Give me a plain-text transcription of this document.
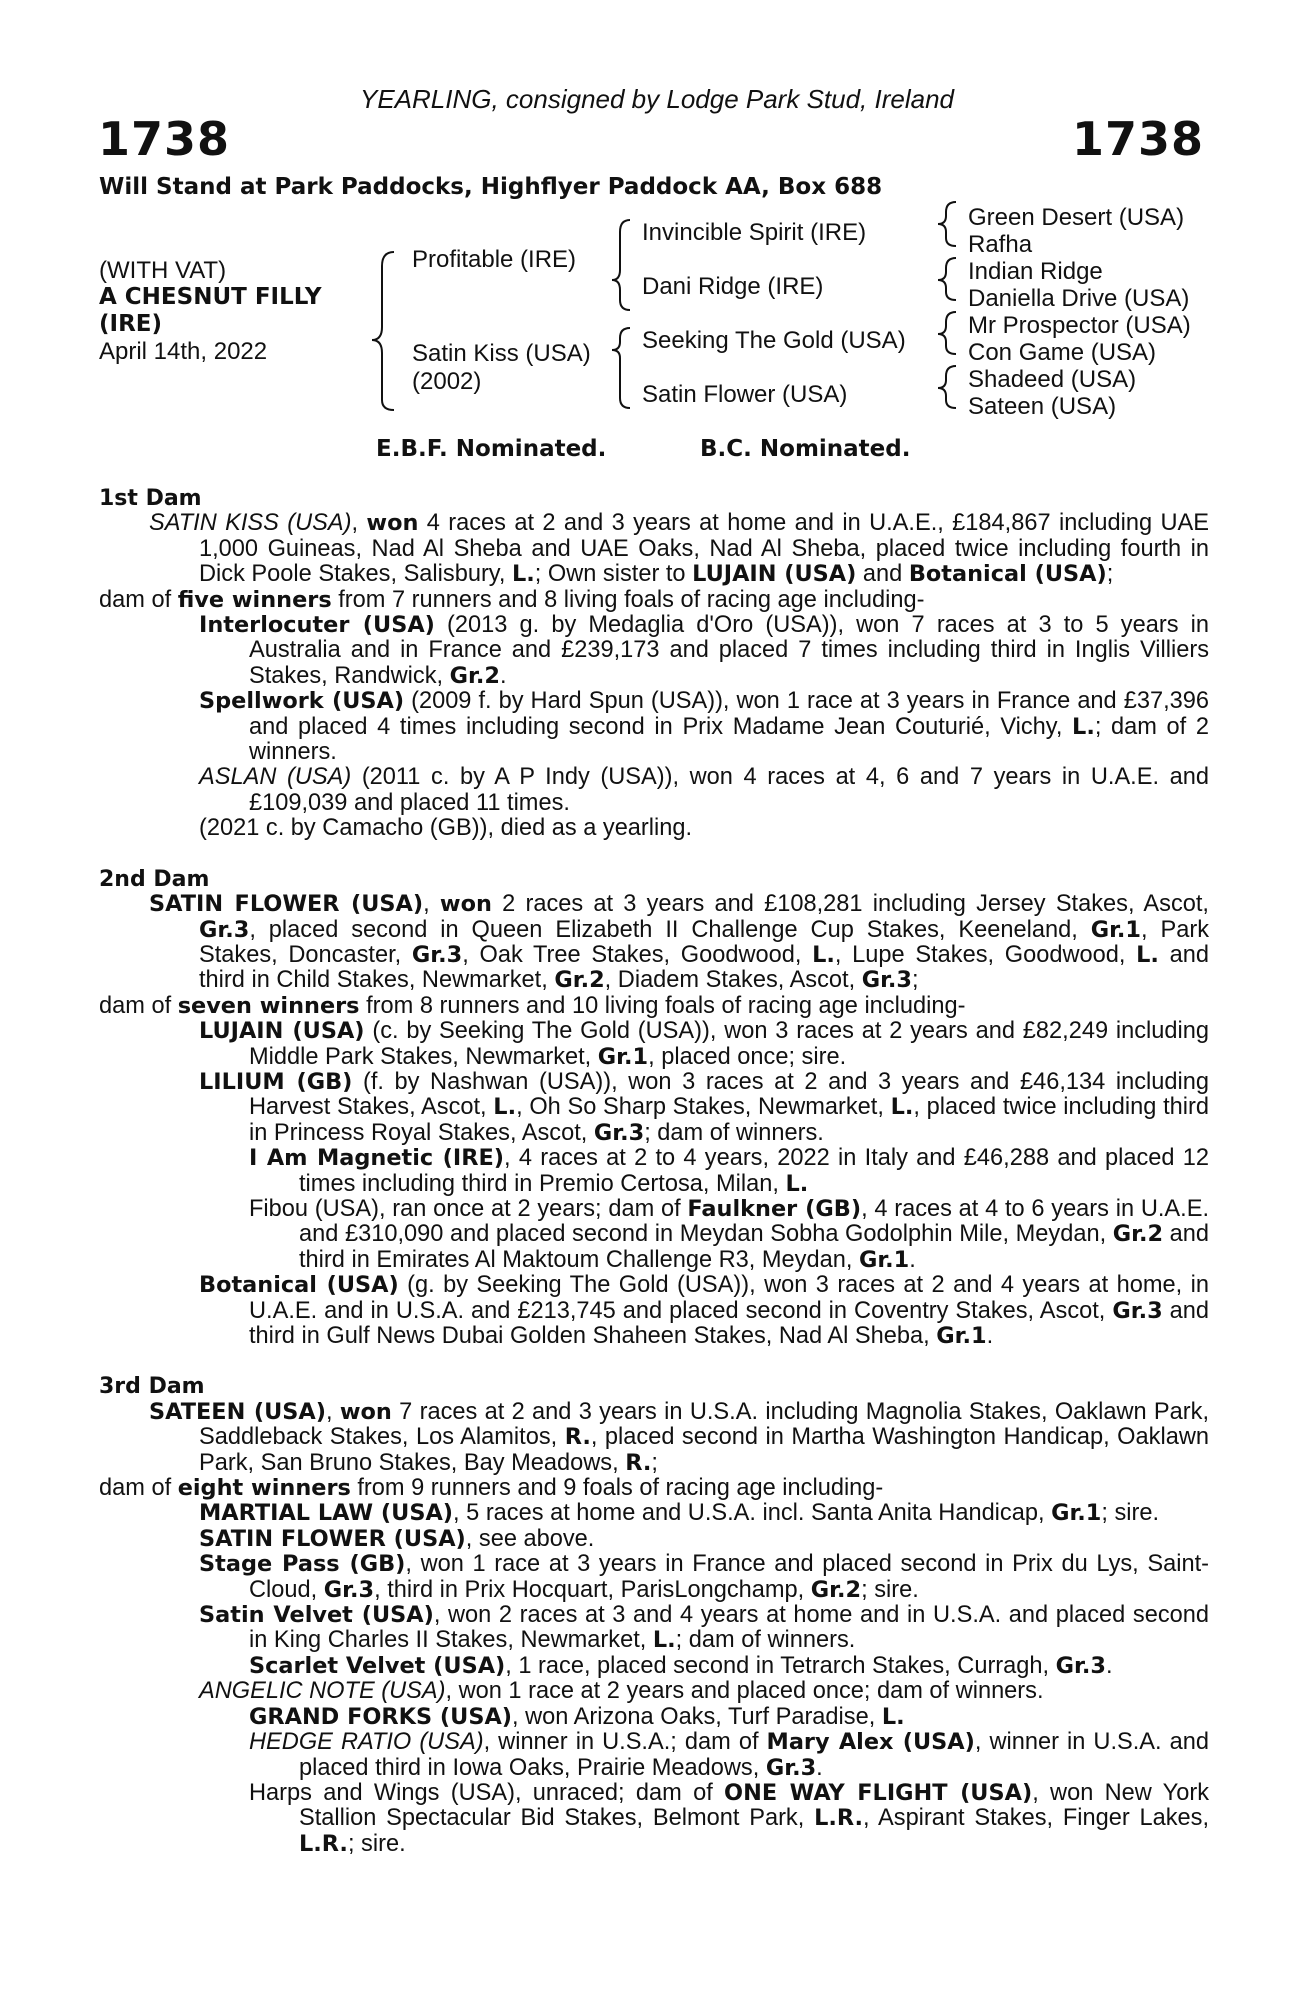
YEARLING, consigned by Lodge Park Stud, Ireland
1738	1738
Will Stand at Park Paddocks, Highflyer Paddock AA, Box 688
(WITH VAT)
A CHESNUT FILLY
(IRE)
April 14th, 2022
Profitable (IRE)
Satin Kiss (USA)
(2002)
Invincible Spirit (IRE)
Dani Ridge (IRE)
Seeking The Gold (USA)
Satin Flower (USA)
Green Desert (USA)
Rafha
Indian Ridge
Daniella Drive (USA)
Mr Prospector (USA)
Con Game (USA)
Shadeed (USA)
Sateen (USA)
E.B.F. Nominated.	B.C. Nominated.

1st Dam

SATIN KISS (USA), won 4 races at 2 and 3 years at home and in U.A.E., £184,867 including UAE 1,000 Guineas, Nad Al Sheba and UAE Oaks, Nad Al Sheba, placed twice including fourth in Dick Poole Stakes, Salisbury, L.; Own sister to LUJAIN (USA) and Botanical (USA);

dam of five winners from 7 runners and 8 living foals of racing age including-

Interlocuter (USA) (2013 g. by Medaglia d'Oro (USA)), won 7 races at 3 to 5 years in Australia and in France and £239,173 and placed 7 times including third in Inglis Villiers Stakes, Randwick, Gr.2.

Spellwork (USA) (2009 f. by Hard Spun (USA)), won 1 race at 3 years in France and £37,396 and placed 4 times including second in Prix Madame Jean Couturié, Vichy, L.; dam of 2 winners.

ASLAN (USA) (2011 c. by A P Indy (USA)), won 4 races at 4, 6 and 7 years in U.A.E. and £109,039 and placed 11 times.

(2021 c. by Camacho (GB)), died as a yearling.

2nd Dam

SATIN FLOWER (USA), won 2 races at 3 years and £108,281 including Jersey Stakes, Ascot, Gr.3, placed second in Queen Elizabeth II Challenge Cup Stakes, Keeneland, Gr.1, Park Stakes, Doncaster, Gr.3, Oak Tree Stakes, Goodwood, L., Lupe Stakes, Goodwood, L. and third in Child Stakes, Newmarket, Gr.2, Diadem Stakes, Ascot, Gr.3;

dam of seven winners from 8 runners and 10 living foals of racing age including-

LUJAIN (USA) (c. by Seeking The Gold (USA)), won 3 races at 2 years and £82,249 including Middle Park Stakes, Newmarket, Gr.1, placed once; sire.

LILIUM (GB) (f. by Nashwan (USA)), won 3 races at 2 and 3 years and £46,134 including Harvest Stakes, Ascot, L., Oh So Sharp Stakes, Newmarket, L., placed twice including third in Princess Royal Stakes, Ascot, Gr.3; dam of winners.

I Am Magnetic (IRE), 4 races at 2 to 4 years, 2022 in Italy and £46,288 and placed 12 times including third in Premio Certosa, Milan, L.

Fibou (USA), ran once at 2 years; dam of Faulkner (GB), 4 races at 4 to 6 years in U.A.E. and £310,090 and placed second in Meydan Sobha Godolphin Mile, Meydan, Gr.2 and third in Emirates Al Maktoum Challenge R3, Meydan, Gr.1.

Botanical (USA) (g. by Seeking The Gold (USA)), won 3 races at 2 and 4 years at home, in U.A.E. and in U.S.A. and £213,745 and placed second in Coventry Stakes, Ascot, Gr.3 and third in Gulf News Dubai Golden Shaheen Stakes, Nad Al Sheba, Gr.1.

3rd Dam

SATEEN (USA), won 7 races at 2 and 3 years in U.S.A. including Magnolia Stakes, Oaklawn Park, Saddleback Stakes, Los Alamitos, R., placed second in Martha Washington Handicap, Oaklawn Park, San Bruno Stakes, Bay Meadows, R.;

dam of eight winners from 9 runners and 9 foals of racing age including-

MARTIAL LAW (USA), 5 races at home and U.S.A. incl. Santa Anita Handicap, Gr.1; sire.

SATIN FLOWER (USA), see above.

Stage Pass (GB), won 1 race at 3 years in France and placed second in Prix du Lys, Saint-Cloud, Gr.3, third in Prix Hocquart, ParisLongchamp, Gr.2; sire.

Satin Velvet (USA), won 2 races at 3 and 4 years at home and in U.S.A. and placed second in King Charles II Stakes, Newmarket, L.; dam of winners.

Scarlet Velvet (USA), 1 race, placed second in Tetrarch Stakes, Curragh, Gr.3.

ANGELIC NOTE (USA), won 1 race at 2 years and placed once; dam of winners.

GRAND FORKS (USA), won Arizona Oaks, Turf Paradise, L.

HEDGE RATIO (USA), winner in U.S.A.; dam of Mary Alex (USA), winner in U.S.A. and placed third in Iowa Oaks, Prairie Meadows, Gr.3.

Harps and Wings (USA), unraced; dam of ONE WAY FLIGHT (USA), won New York Stallion Spectacular Bid Stakes, Belmont Park, L.R., Aspirant Stakes, Finger Lakes, L.R.; sire.
